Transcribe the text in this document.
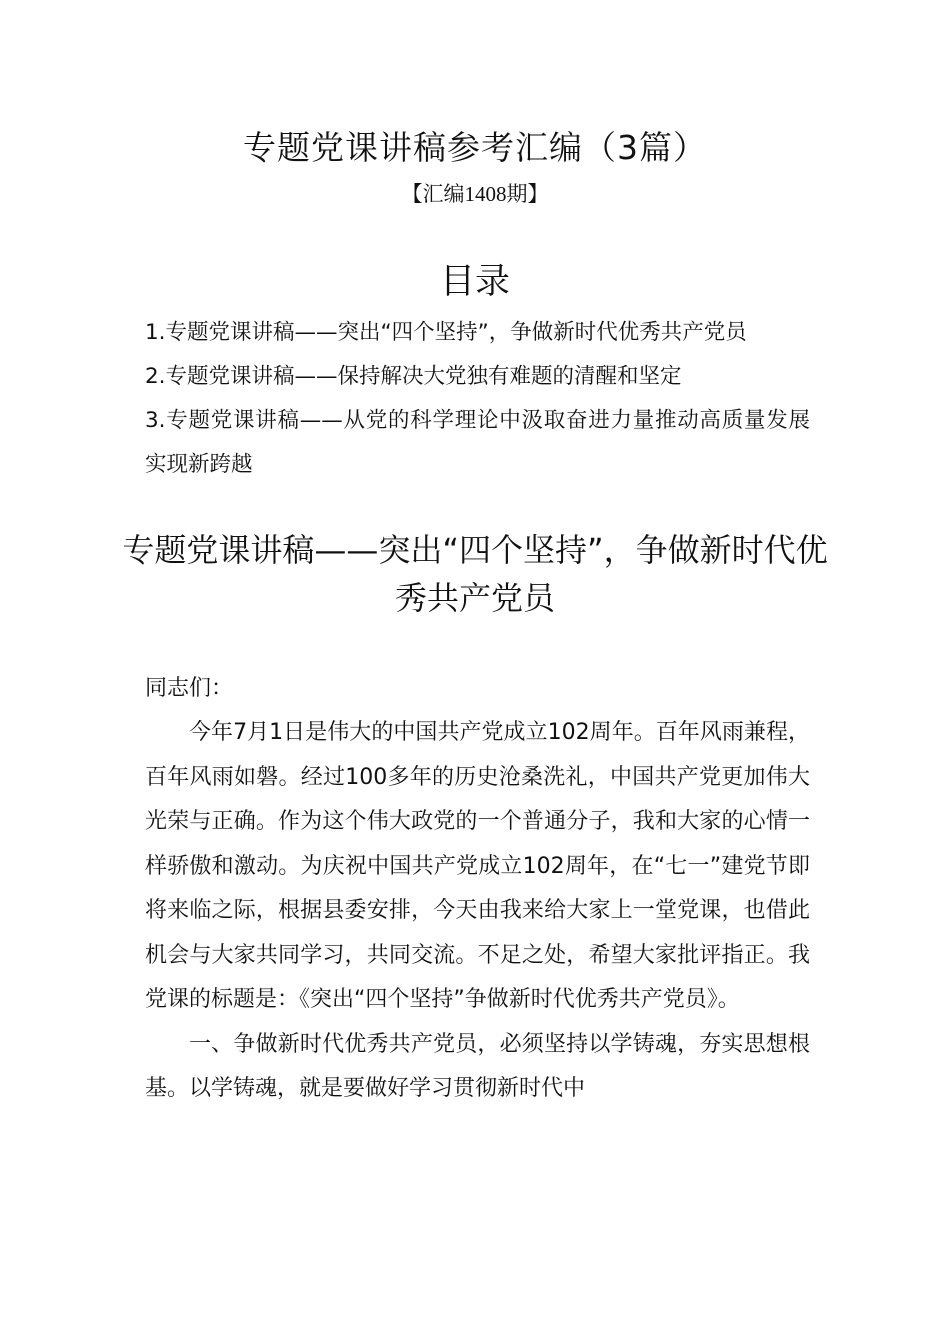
专题党课讲稿参考汇编（3篇）
【汇编1408期】
目录
1.专题党课讲稿——突出“四个坚持”，争做新时代优秀共产党员
2.专题党课讲稿——保持解决大党独有难题的清醒和坚定
3.专题党课讲稿——从党的科学理论中汲取奋进力量推动高质量发展实现新跨越
专题党课讲稿——突出“四个坚持”，争做新时代优秀共产党员

同志们：

今年7月1日是伟大的中国共产党成立102周年。百年风雨兼程，百年风雨如磐。经过100多年的历史沧桑洗礼，中国共产党更加伟大光荣与正确。作为这个伟大政党的一个普通分子，我和大家的心情一样骄傲和激动。为庆祝中国共产党成立102周年，在“七一”建党节即将来临之际，根据县委安排，今天由我来给大家上一堂党课，也借此机会与大家共同学习，共同交流。不足之处，希望大家批评指正。我党课的标题是：《突出“四个坚持”争做新时代优秀共产党员》。

一、争做新时代优秀共产党员，必须坚持以学铸魂，夯实思想根基。以学铸魂，就是要做好学习贯彻新时代中
